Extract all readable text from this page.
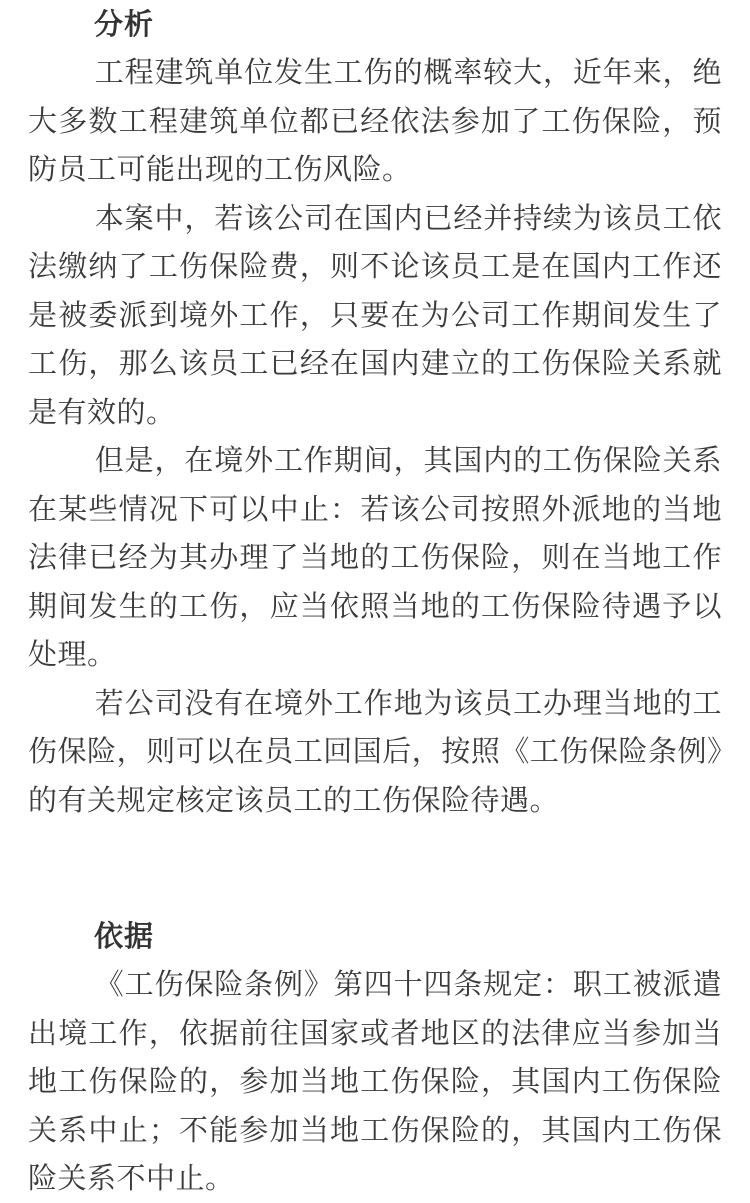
分析

工程建筑单位发生工伤的概率较大，近年来，绝大多数工程建筑单位都已经依法参加了工伤保险，预防员工可能出现的工伤风险。

本案中，若该公司在国内已经并持续为该员工依法缴纳了工伤保险费，则不论该员工是在国内工作还是被委派到境外工作，只要在为公司工作期间发生了工伤，那么该员工已经在国内建立的工伤保险关系就是有效的。

但是，在境外工作期间，其国内的工伤保险关系在某些情况下可以中止：若该公司按照外派地的当地法律已经为其办理了当地的工伤保险，则在当地工作期间发生的工伤，应当依照当地的工伤保险待遇予以处理。

若公司没有在境外工作地为该员工办理当地的工伤保险，则可以在员工回国后，按照《工伤保险条例》的有关规定核定该员工的工伤保险待遇。

依据

《工伤保险条例》第四十四条规定：职工被派遣出境工作，依据前往国家或者地区的法律应当参加当地工伤保险的，参加当地工伤保险，其国内工伤保险关系中止；不能参加当地工伤保险的，其国内工伤保险关系不中止。
